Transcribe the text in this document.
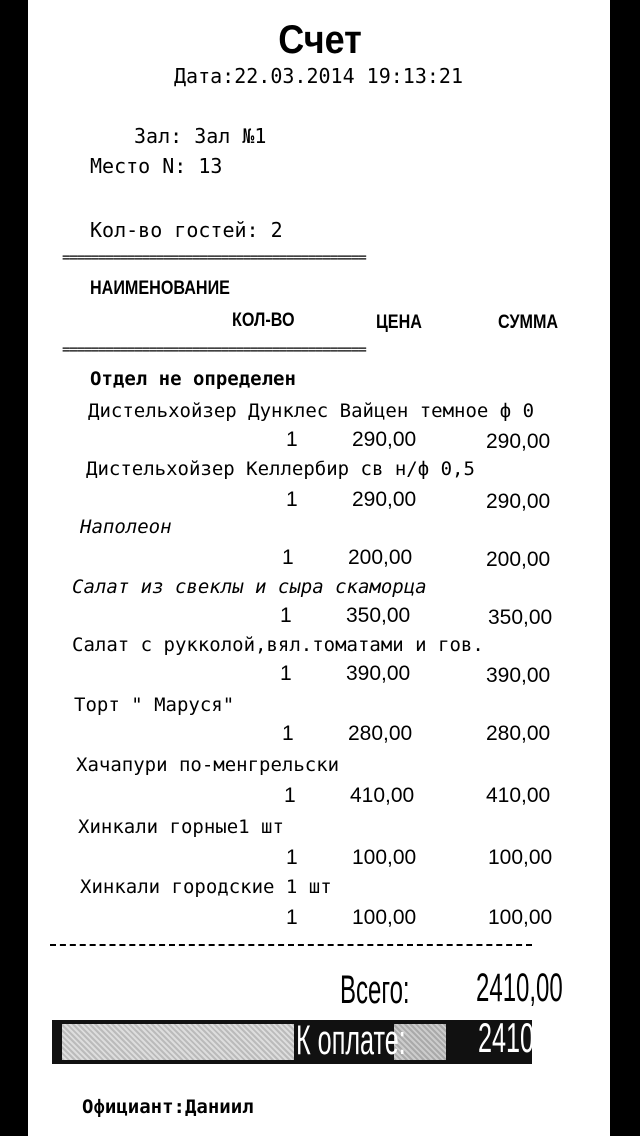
Счет
Дата:22.03.2014 19:13:21
Зал: Зал №1
Место N: 13
Кол-во гостей: 2
==========================================
НАИМЕНОВАНИЕ
КОЛ-ВО	ЦЕНА	СУММА
==========================================
Отдел не определен
Дистельхойзер Дунклес Вайцен темное ф 0
1	290,00	290,00
Дистельхойзер Келлербир св н/ф 0,5
1	290,00	290,00
Наполеон
1	200,00	200,00
Салат из свеклы и сыра скаморца
1	350,00	350,00
Салат с рукколой,вял.томатами и гов.
1	390,00	390,00
Торт " Маруся"
1	280,00	280,00
Хачапури по-менгрельски
1	410,00	410,00
Хинкали горные1 шт
1	100,00	100,00
Хинкали городские 1 шт
1	100,00	100,00
Всего: 2410,00
К оплате: 2410,00
Официант:Даниил
